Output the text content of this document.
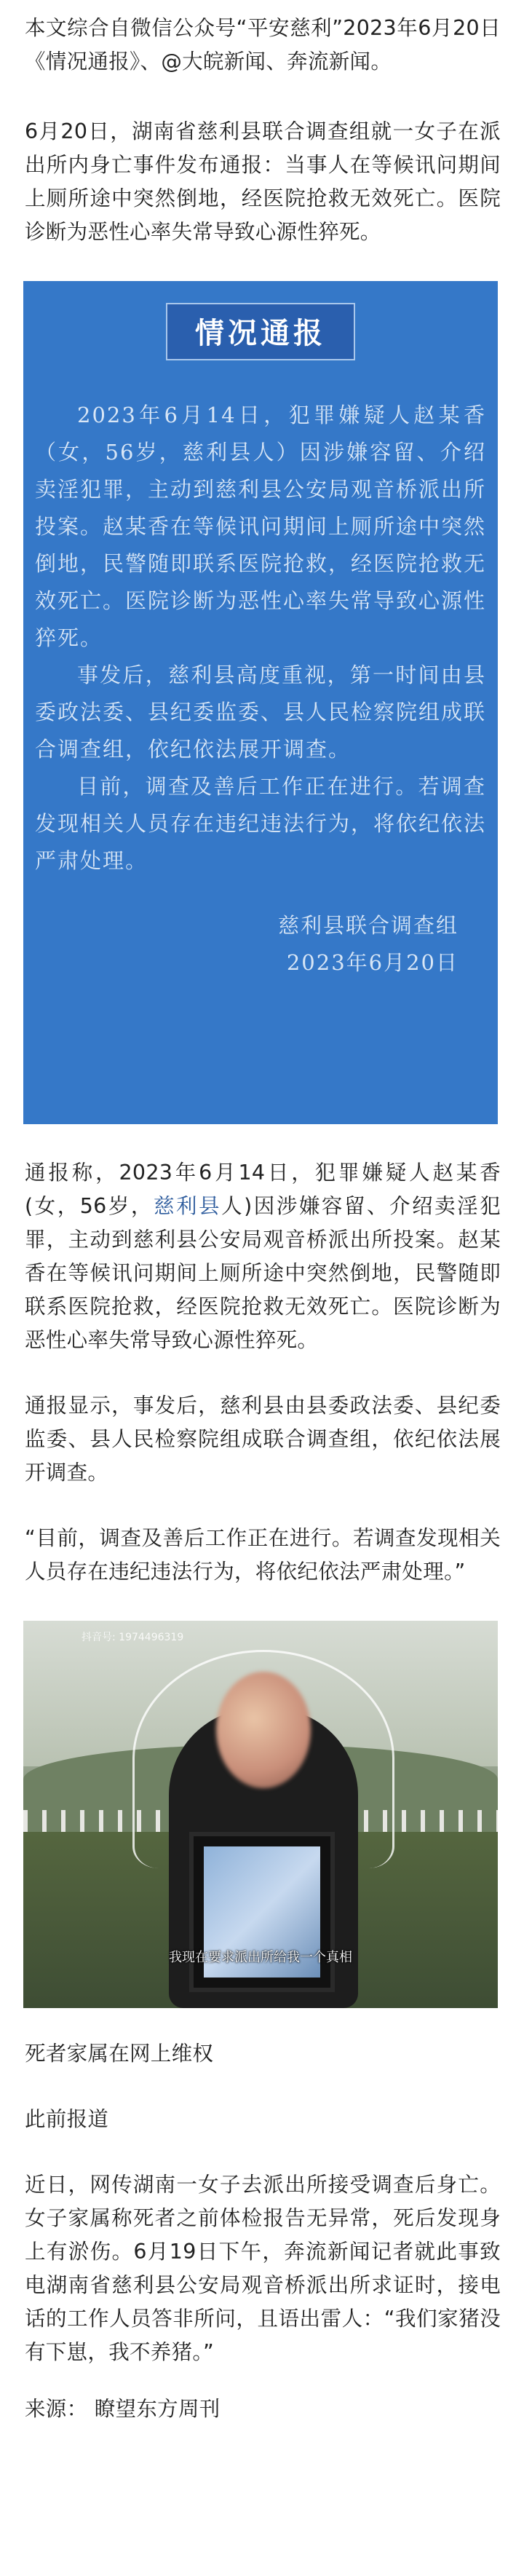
本文综合自微信公众号“平安慈利”2023年6月20日《情况通报》、@大皖新闻、奔流新闻。

6月20日，湖南省慈利县联合调查组就一女子在派出所内身亡事件发布通报：当事人在等候讯问期间上厕所途中突然倒地，经医院抢救无效死亡。医院诊断为恶性心率失常导致心源性猝死。

情况通报

2023年6月14日，犯罪嫌疑人赵某香（女，56岁，慈利县人）因涉嫌容留、介绍卖淫犯罪，主动到慈利县公安局观音桥派出所投案。赵某香在等候讯问期间上厕所途中突然倒地，民警随即联系医院抢救，经医院抢救无效死亡。医院诊断为恶性心率失常导致心源性猝死。

事发后，慈利县高度重视，第一时间由县委政法委、县纪委监委、县人民检察院组成联合调查组，依纪依法展开调查。

目前，调查及善后工作正在进行。若调查发现相关人员存在违纪违法行为，将依纪依法严肃处理。

慈利县联合调查组
2023年6月20日

通报称，2023年6月14日，犯罪嫌疑人赵某香(女，56岁，慈利县人)因涉嫌容留、介绍卖淫犯罪，主动到慈利县公安局观音桥派出所投案。赵某香在等候讯问期间上厕所途中突然倒地，民警随即联系医院抢救，经医院抢救无效死亡。医院诊断为恶性心率失常导致心源性猝死。

通报显示，事发后，慈利县由县委政法委、县纪委监委、县人民检察院组成联合调查组，依纪依法展开调查。

“目前，调查及善后工作正在进行。若调查发现相关人员存在违纪违法行为，将依纪依法严肃处理。”

抖音号: 1974496319
我现在要求派出所给我一个真相

死者家属在网上维权

此前报道

近日，网传湖南一女子去派出所接受调查后身亡。女子家属称死者之前体检报告无异常，死后发现身上有淤伤。6月19日下午，奔流新闻记者就此事致电湖南省慈利县公安局观音桥派出所求证时，接电话的工作人员答非所问，且语出雷人：“我们家猪没有下崽，我不养猪。”

来源： 瞭望东方周刊
